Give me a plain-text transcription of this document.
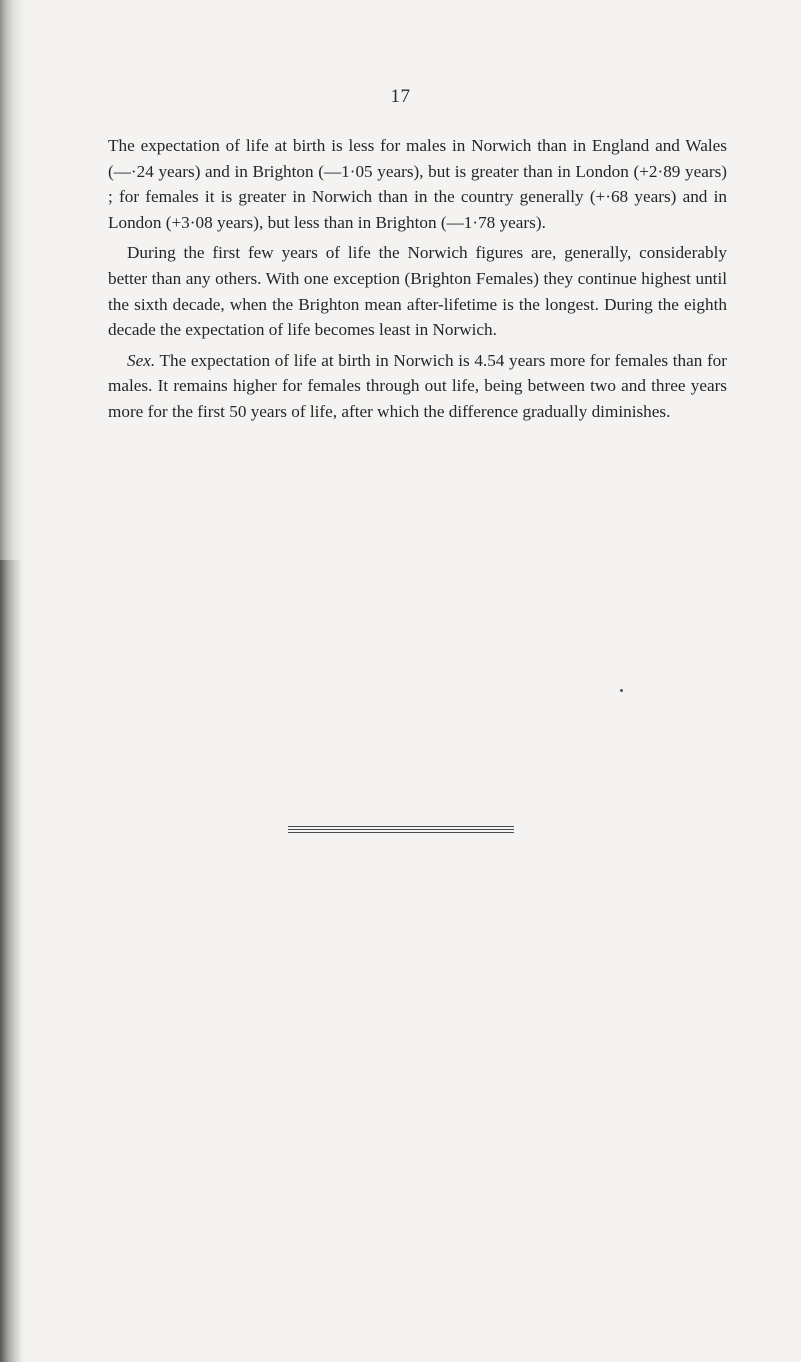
17

The expectation of life at birth is less for males in Norwich than in England and Wales (—·24 years) and in Brighton (—1·05 years), but is greater than in London (+2·89 years) ; for females it is greater in Norwich than in the country generally (+·68 years) and in London (+3·08 years), but less than in Brighton (—1·78 years).

During the first few years of life the Norwich figures are, generally, considerably better than any others. With one exception (Brighton Females) they continue highest until the sixth decade, when the Brighton mean after-lifetime is the longest. During the eighth decade the expectation of life becomes least in Norwich.

Sex. The expectation of life at birth in Norwich is 4.54 years more for females than for males. It remains higher for females through out life, being between two and three years more for the first 50 years of life, after which the difference gradually diminishes.
